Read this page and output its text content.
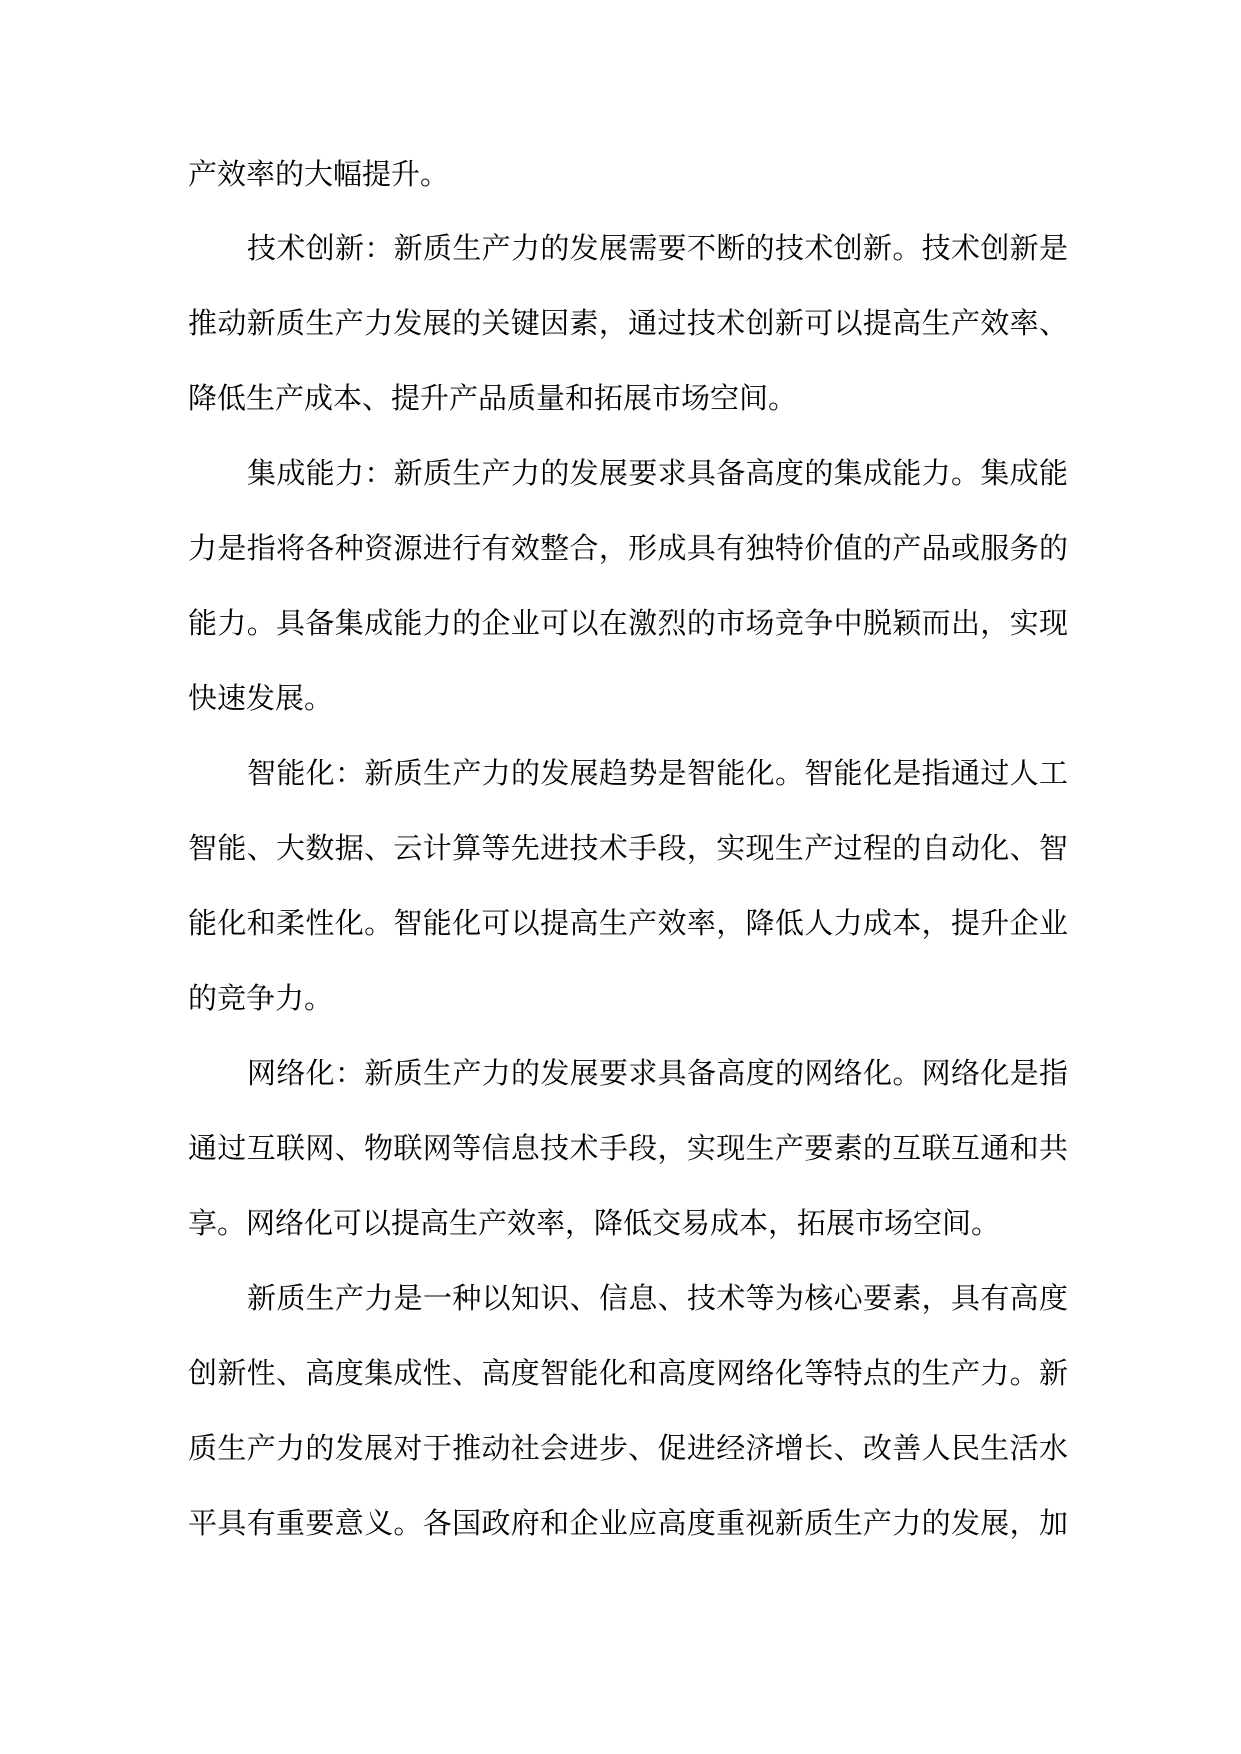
产效率的大幅提升。
技术创新：新质生产力的发展需要不断的技术创新。技术创新是
推动新质生产力发展的关键因素，通过技术创新可以提高生产效率、
降低生产成本、提升产品质量和拓展市场空间。
集成能力：新质生产力的发展要求具备高度的集成能力。集成能
力是指将各种资源进行有效整合，形成具有独特价值的产品或服务的
能力。具备集成能力的企业可以在激烈的市场竞争中脱颖而出，实现
快速发展。
智能化：新质生产力的发展趋势是智能化。智能化是指通过人工
智能、大数据、云计算等先进技术手段，实现生产过程的自动化、智
能化和柔性化。智能化可以提高生产效率，降低人力成本，提升企业
的竞争力。
网络化：新质生产力的发展要求具备高度的网络化。网络化是指
通过互联网、物联网等信息技术手段，实现生产要素的互联互通和共
享。网络化可以提高生产效率，降低交易成本，拓展市场空间。
新质生产力是一种以知识、信息、技术等为核心要素，具有高度
创新性、高度集成性、高度智能化和高度网络化等特点的生产力。新
质生产力的发展对于推动社会进步、促进经济增长、改善人民生活水
平具有重要意义。各国政府和企业应高度重视新质生产力的发展，加
